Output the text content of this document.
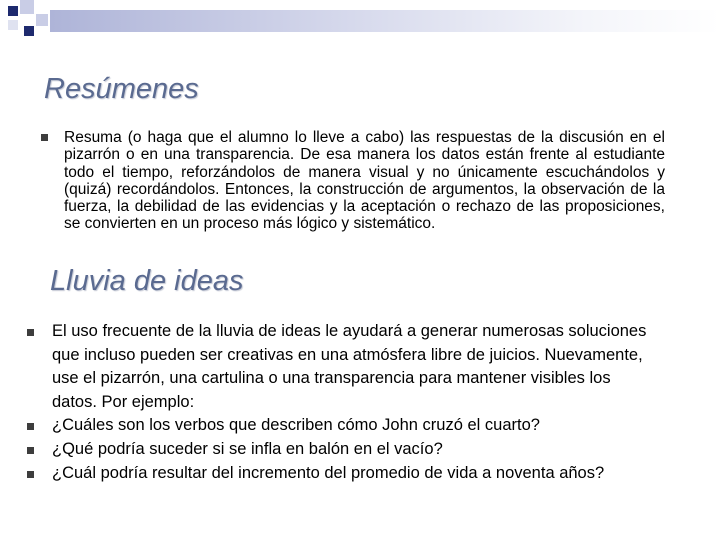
Resúmenes

Resuma (o haga que el alumno lo lleve a cabo) las respuestas de la discusión en el pizarrón o en una transparencia. De esa manera los datos están frente al estudiante todo el tiempo, reforzándolos de manera visual y no únicamente escuchándolos y (quizá) recordándolos. Entonces, la construcción de argumentos, la observación de la fuerza, la debilidad de las evidencias y la aceptación o rechazo de las proposiciones, se convierten en un proceso más lógico y sistemático.

Lluvia de ideas

El uso frecuente de la lluvia de ideas le ayudará a generar numerosas soluciones que incluso pueden ser creativas en una atmósfera libre de juicios. Nuevamente, use el pizarrón, una cartulina o una transparencia para mantener visibles los datos. Por ejemplo:

¿Cuáles son los verbos que describen cómo John cruzó el cuarto?

¿Qué podría suceder si se infla en balón en el vacío?

¿Cuál podría resultar del incremento del promedio de vida a noventa años?
